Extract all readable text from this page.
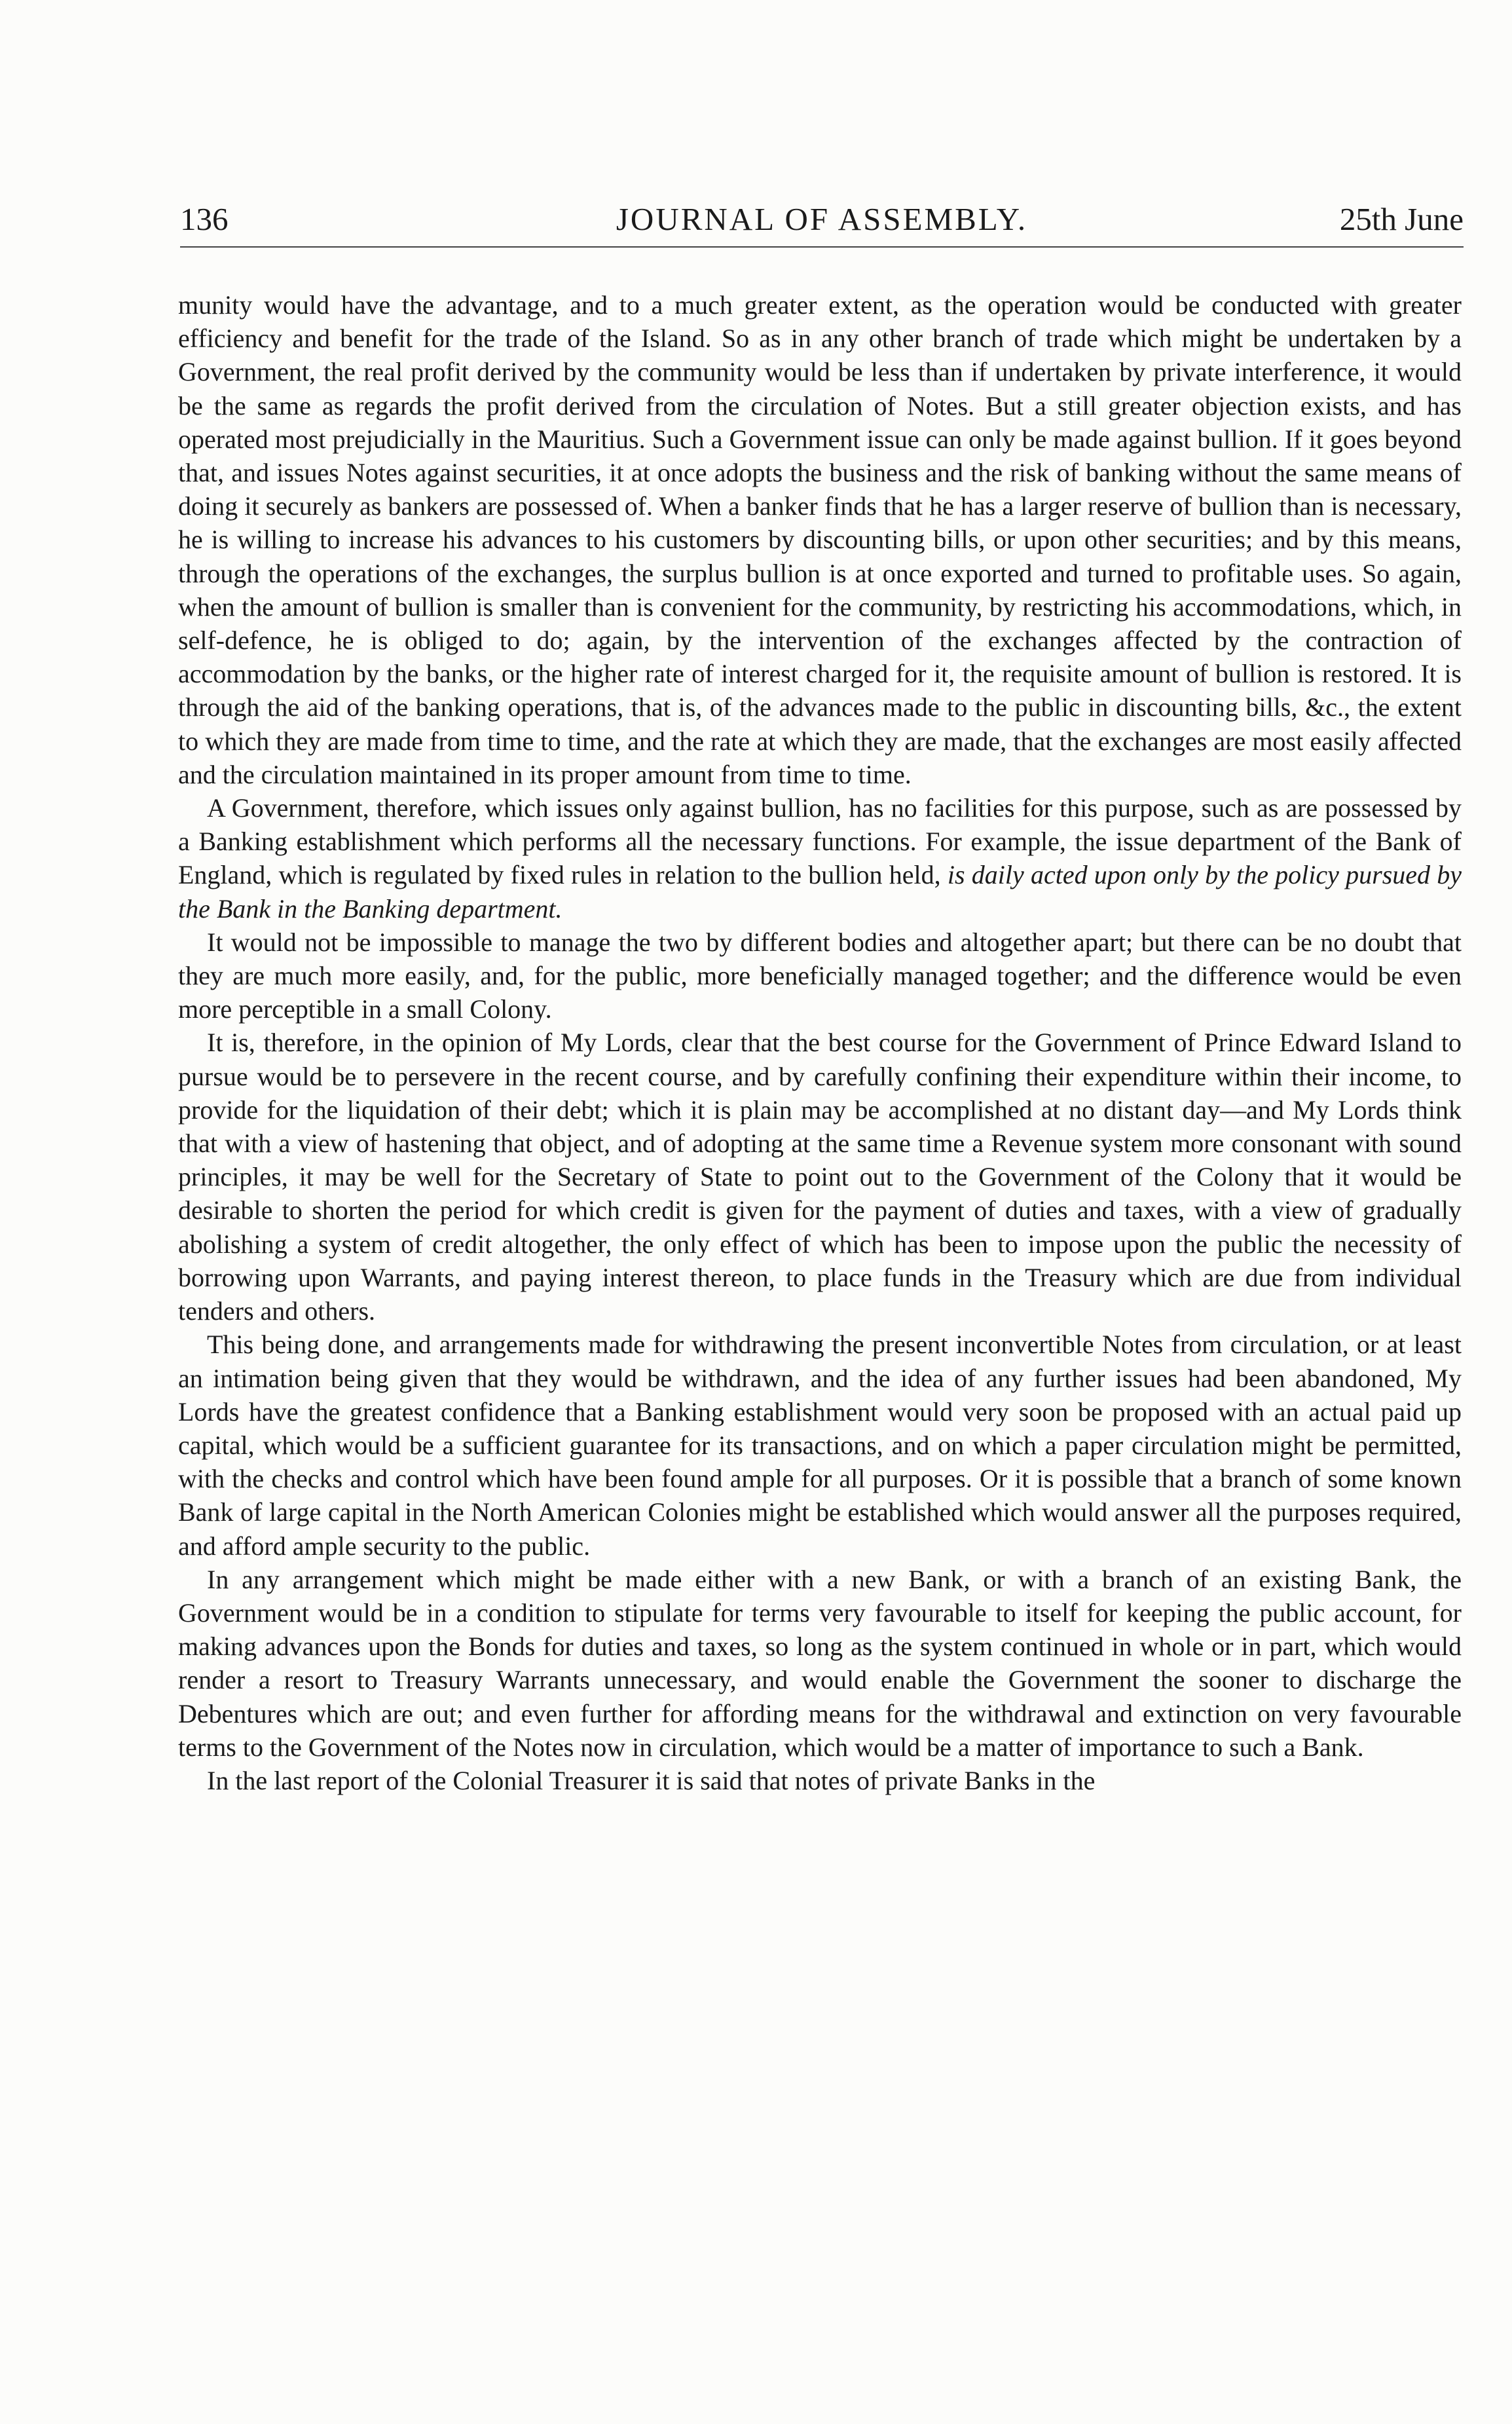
136	JOURNAL OF ASSEMBLY.	25th June

munity would have the advantage, and to a much greater extent, as the operation would be conducted with greater efficiency and benefit for the trade of the Island. So as in any other branch of trade which might be undertaken by a Government, the real profit derived by the community would be less than if undertaken by private interference, it would be the same as regards the profit derived from the circulation of Notes. But a still greater objection exists, and has operated most prejudicially in the Mauritius. Such a Government issue can only be made against bullion. If it goes beyond that, and issues Notes against securities, it at once adopts the business and the risk of banking without the same means of doing it securely as bankers are possessed of. When a banker finds that he has a larger reserve of bullion than is necessary, he is willing to increase his advances to his customers by discounting bills, or upon other securities; and by this means, through the operations of the exchanges, the surplus bullion is at once exported and turned to profitable uses. So again, when the amount of bullion is smaller than is convenient for the community, by restricting his accommodations, which, in self-defence, he is obliged to do; again, by the intervention of the exchanges affected by the contraction of accommodation by the banks, or the higher rate of interest charged for it, the requisite amount of bullion is restored. It is through the aid of the banking operations, that is, of the advances made to the public in discounting bills, &c., the extent to which they are made from time to time, and the rate at which they are made, that the exchanges are most easily affected and the circulation maintained in its proper amount from time to time.

A Government, therefore, which issues only against bullion, has no facilities for this purpose, such as are possessed by a Banking establishment which performs all the necessary functions. For example, the issue department of the Bank of England, which is regulated by fixed rules in relation to the bullion held, is daily acted upon only by the policy pursued by the Bank in the Banking department.

It would not be impossible to manage the two by different bodies and altogether apart; but there can be no doubt that they are much more easily, and, for the public, more beneficially managed together; and the difference would be even more perceptible in a small Colony.

It is, therefore, in the opinion of My Lords, clear that the best course for the Government of Prince Edward Island to pursue would be to persevere in the recent course, and by carefully confining their expenditure within their income, to provide for the liquidation of their debt; which it is plain may be accomplished at no distant day—and My Lords think that with a view of hastening that object, and of adopting at the same time a Revenue system more consonant with sound principles, it may be well for the Secretary of State to point out to the Government of the Colony that it would be desirable to shorten the period for which credit is given for the payment of duties and taxes, with a view of gradually abolishing a system of credit altogether, the only effect of which has been to impose upon the public the necessity of borrowing upon Warrants, and paying interest thereon, to place funds in the Treasury which are due from individual tenders and others.

This being done, and arrangements made for withdrawing the present inconvertible Notes from circulation, or at least an intimation being given that they would be withdrawn, and the idea of any further issues had been abandoned, My Lords have the greatest confidence that a Banking establishment would very soon be proposed with an actual paid up capital, which would be a sufficient guarantee for its transactions, and on which a paper circulation might be permitted, with the checks and control which have been found ample for all purposes. Or it is possible that a branch of some known Bank of large capital in the North American Colonies might be established which would answer all the purposes required, and afford ample security to the public.

In any arrangement which might be made either with a new Bank, or with a branch of an existing Bank, the Government would be in a condition to stipulate for terms very favourable to itself for keeping the public account, for making advances upon the Bonds for duties and taxes, so long as the system continued in whole or in part, which would render a resort to Treasury Warrants unnecessary, and would enable the Government the sooner to discharge the Debentures which are out; and even further for affording means for the withdrawal and extinction on very favourable terms to the Government of the Notes now in circulation, which would be a matter of importance to such a Bank.

In the last report of the Colonial Treasurer it is said that notes of private Banks in the
